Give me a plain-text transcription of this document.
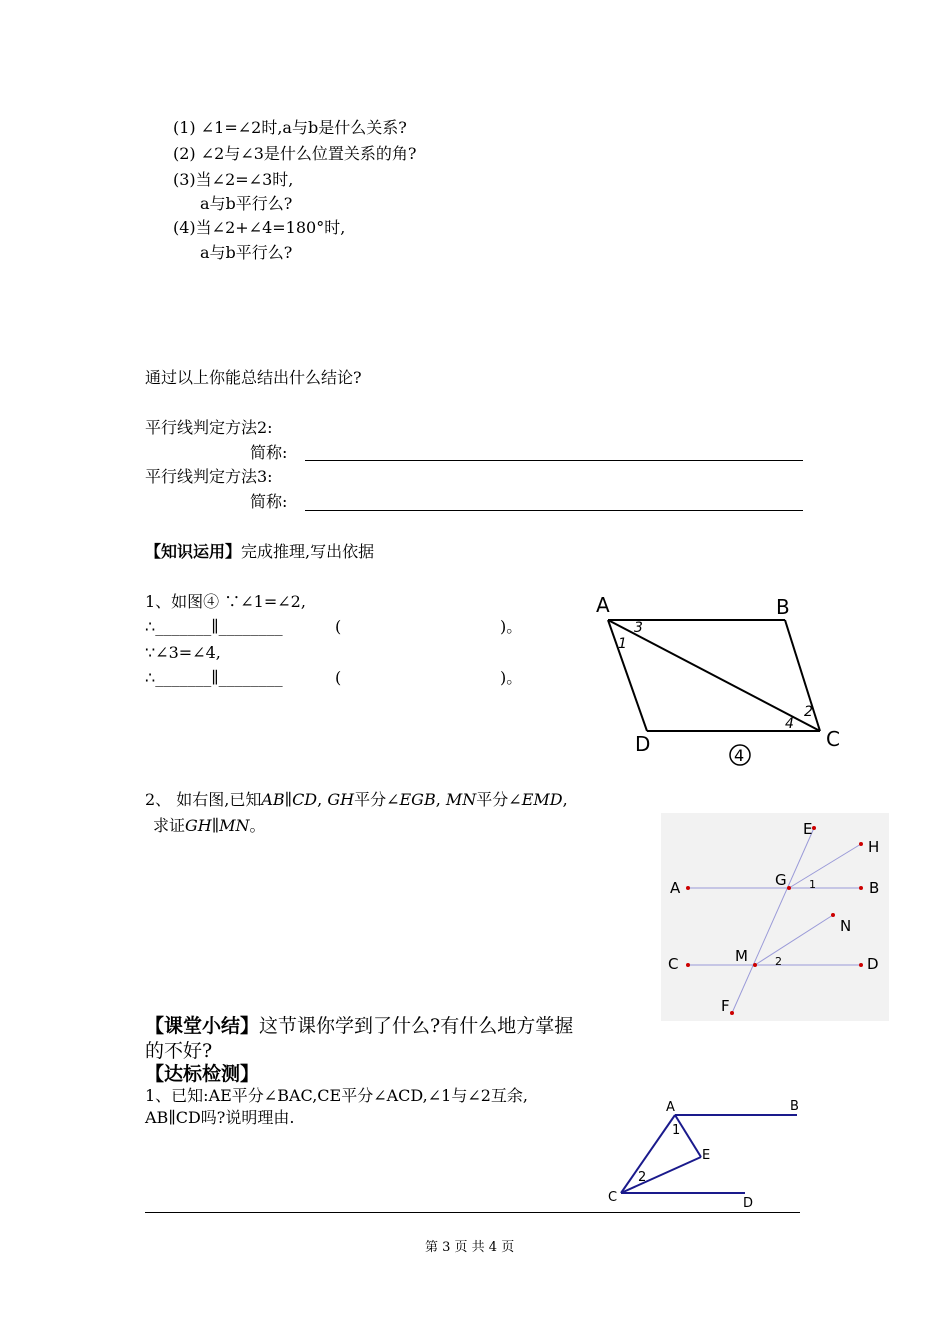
(1) ∠1=∠2时,a与b是什么关系?
(2) ∠2与∠3是什么位置关系的角?
(3)当∠2=∠3时,
a与b平行么?
(4)当∠2+∠4=180°时,
a与b平行么?
通过以上你能总结出什么结论?
平行线判定方法2:
简称:
平行线判定方法3:
简称:
【知识运用】完成推理,写出依据
1、如图④ ∵∠1=∠2,
∴_______∥________	(	)。
∵∠3=∠4,
∴_______∥________	(	)。
A	B
C
D
1
2
3
4
4
2、 如右图,已知AB∥CD, GH平分∠EGB, MN平分∠EMD,
求证GH∥MN。	E
H
A	G	B
N
C	M	D
F
1
2
【课堂小结】这节课你学到了什么?有什么地方掌握
的不好?
【达标检测】
1、已知:AE平分∠BAC,CE平分∠ACD,∠1与∠2互余,
AB∥CD吗?说明理由.
A	B
E
C	D
1
2
第 3 页 共 4 页
